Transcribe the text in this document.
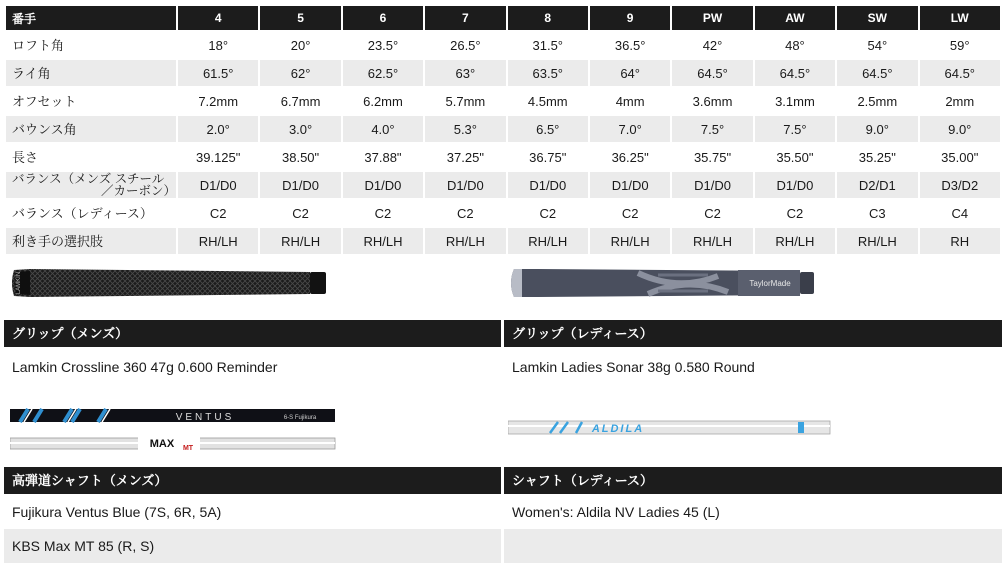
番手	4	5	6	7	8	9	PW	AW	SW	LW

ロフト角	18°	20°	23.5°	26.5°	31.5°	36.5°	42°	48°	54°	59°

ライ角	61.5°	62°	62.5°	63°	63.5°	64°	64.5°	64.5°	64.5°	64.5°

オフセット	7.2mm	6.7mm	6.2mm	5.7mm	4.5mm	4mm	3.6mm	3.1mm	2.5mm	2mm

バウンス角	2.0°	3.0°	4.0°	5.3°	6.5°	7.0°	7.5°	7.5°	9.0°	9.0°

長さ	39.125"	38.50"	37.88"	37.25"	36.75"	36.25"	35.75"	35.50"	35.25"	35.00"

バランス（メンズ スチール
／カーボン）	D1/D0	D1/D0	D1/D0	D1/D0	D1/D0	D1/D0	D1/D0	D1/D0	D2/D1	D3/D2

バランス（レディース）	C2	C2	C2	C2	C2	C2	C2	C2	C3	C4

利き手の選択肢	RH/LH	RH/LH	RH/LH	RH/LH	RH/LH	RH/LH	RH/LH	RH/LH	RH/LH	RH
LAMKIN	TaylorMade
グリップ（メンズ）	グリップ（レディース）
Lamkin Crossline 360 47g 0.600 Reminder	Lamkin Ladies Sonar 38g 0.580 Round
VENTUS	6-S Fujikura
MAX MT
ALDILA
高弾道シャフト（メンズ）	シャフト（レディース）
Fujikura Ventus Blue (7S, 6R, 5A)
KBS Max MT 85 (R, S)
Women's: Aldila NV Ladies 45 (L)
